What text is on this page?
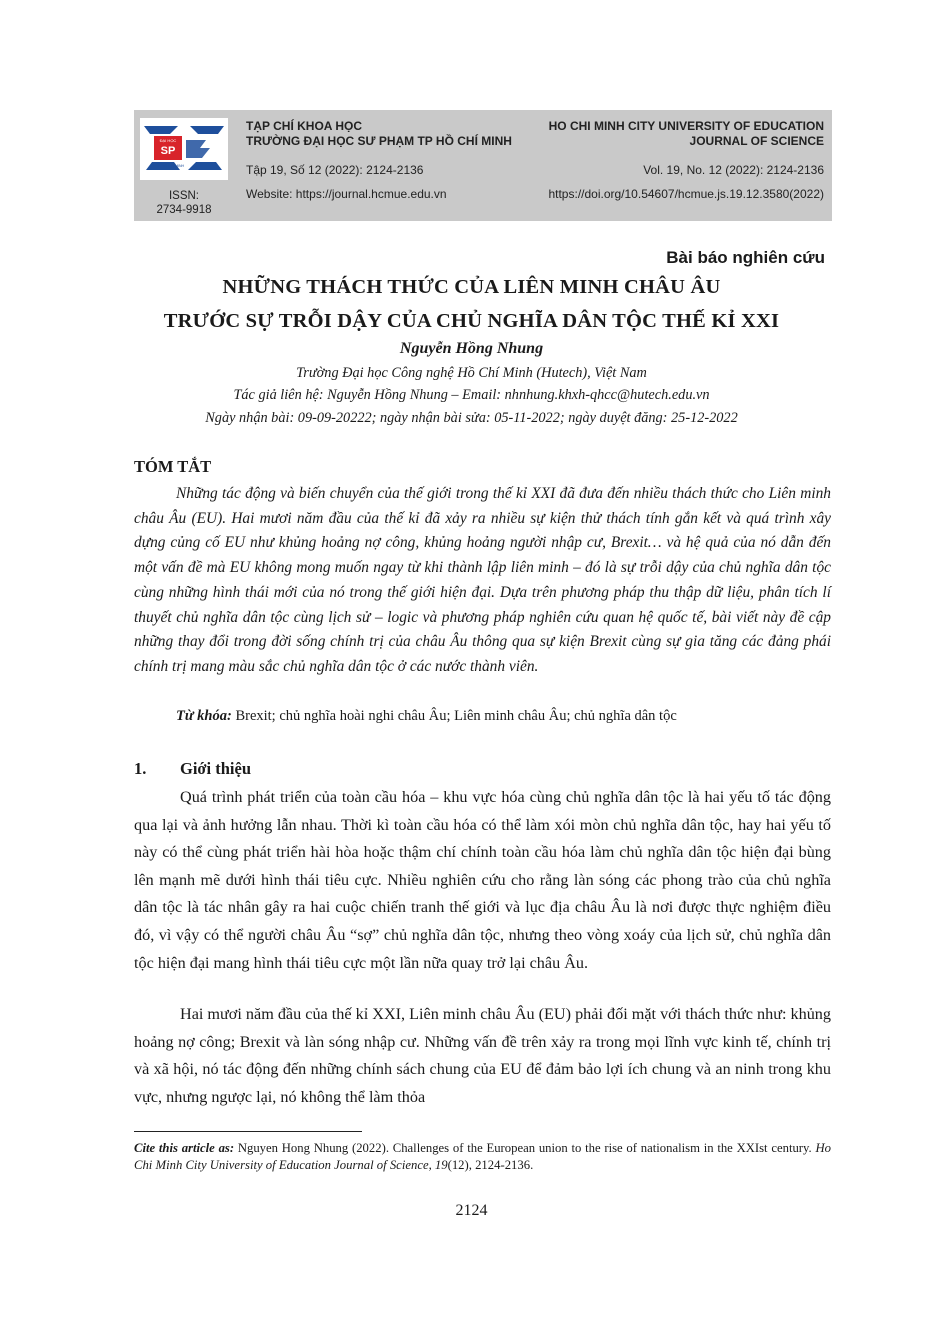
ĐẠI HỌC
SP
TP. HỒ CHÍ MINH
ISSN:
2734-9918
TẠP CHÍ KHOA HỌC
TRƯỜNG ĐẠI HỌC SƯ PHẠM TP HỒ CHÍ MINH
Tập 19, Số 12 (2022): 2124-2136
Website: https://journal.hcmue.edu.vn
HO CHI MINH CITY UNIVERSITY OF EDUCATION
JOURNAL OF SCIENCE
Vol. 19, No. 12 (2022): 2124-2136
https://doi.org/10.54607/hcmue.js.19.12.3580(2022)
Bài báo nghiên cứu
NHỮNG THÁCH THỨC CỦA LIÊN MINH CHÂU ÂU
TRƯỚC SỰ TRỖI DẬY CỦA CHỦ NGHĨA DÂN TỘC THẾ KỈ XXI
Nguyễn Hồng Nhung
Trường Đại học Công nghệ Hồ Chí Minh (Hutech), Việt Nam
Tác giả liên hệ: Nguyễn Hồng Nhung – Email: nhnhung.khxh-qhcc@hutech.edu.vn
Ngày nhận bài: 09-09-20222; ngày nhận bài sửa: 05-11-2022; ngày duyệt đăng: 25-12-2022
TÓM TẮT

Những tác động và biến chuyển của thế giới trong thế kỉ XXI đã đưa đến nhiều thách thức cho Liên minh châu Âu (EU). Hai mươi năm đầu của thế kỉ đã xảy ra nhiều sự kiện thử thách tính gắn kết và quá trình xây dựng củng cố EU như khủng hoảng nợ công, khủng hoảng người nhập cư, Brexit… và hệ quả của nó dẫn đến một vấn đề mà EU không mong muốn ngay từ khi thành lập liên minh – đó là sự trỗi dậy của chủ nghĩa dân tộc cùng những hình thái mới của nó trong thế giới hiện đại. Dựa trên phương pháp thu thập dữ liệu, phân tích lí thuyết chủ nghĩa dân tộc cùng lịch sử – logic và phương pháp nghiên cứu quan hệ quốc tế, bài viết này đề cập những thay đổi trong đời sống chính trị của châu Âu thông qua sự kiện Brexit cùng sự gia tăng các đảng phái chính trị mang màu sắc chủ nghĩa dân tộc ở các nước thành viên.

Từ khóa: Brexit; chủ nghĩa hoài nghi châu Âu; Liên minh châu Âu; chủ nghĩa dân tộc
1. Giới thiệu

Quá trình phát triển của toàn cầu hóa – khu vực hóa cùng chủ nghĩa dân tộc là hai yếu tố tác động qua lại và ảnh hưởng lẫn nhau. Thời kì toàn cầu hóa có thể làm xói mòn chủ nghĩa dân tộc, hay hai yếu tố này có thể cùng phát triển hài hòa hoặc thậm chí chính toàn cầu hóa làm chủ nghĩa dân tộc hiện đại bùng lên mạnh mẽ dưới hình thái tiêu cực. Nhiều nghiên cứu cho rằng làn sóng các phong trào của chủ nghĩa dân tộc là tác nhân gây ra hai cuộc chiến tranh thế giới và lục địa châu Âu là nơi được thực nghiệm điều đó, vì vậy có thể người châu Âu “sợ” chủ nghĩa dân tộc, nhưng theo vòng xoáy của lịch sử, chủ nghĩa dân tộc hiện đại mang hình thái tiêu cực một lần nữa quay trở lại châu Âu.

Hai mươi năm đầu của thế kỉ XXI, Liên minh châu Âu (EU) phải đối mặt với thách thức như: khủng hoảng nợ công; Brexit và làn sóng nhập cư. Những vấn đề trên xảy ra trong mọi lĩnh vực kinh tế, chính trị và xã hội, nó tác động đến những chính sách chung của EU để đảm bảo lợi ích chung và an ninh trong khu vực, nhưng ngược lại, nó không thể làm thỏa

Cite this article as: Nguyen Hong Nhung (2022). Challenges of the European union to the rise of nationalism in the XXIst century. Ho Chi Minh City University of Education Journal of Science, 19(12), 2124-2136.

2124
